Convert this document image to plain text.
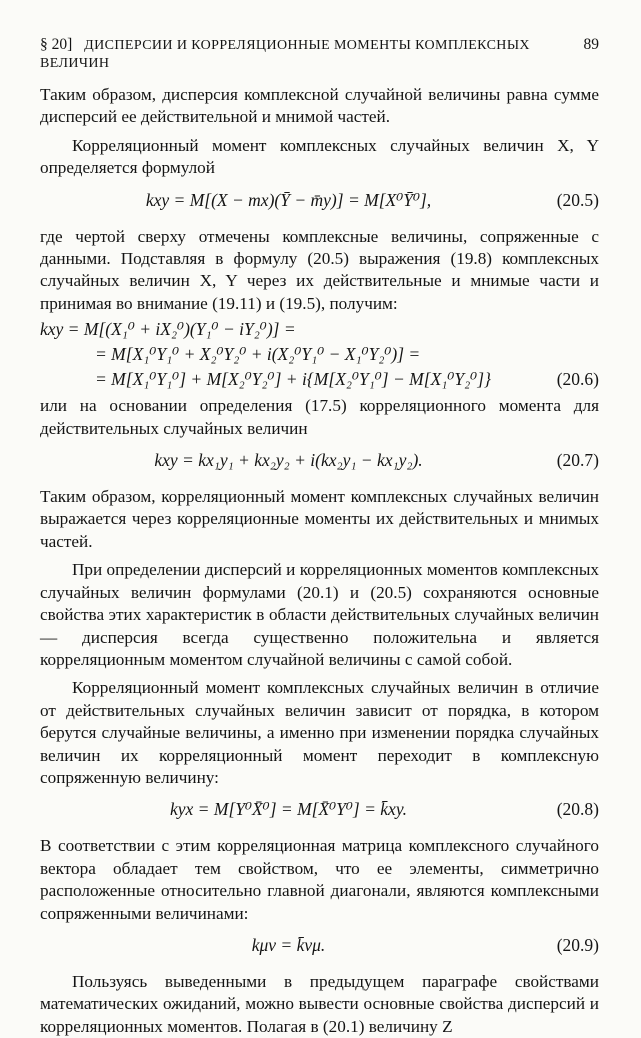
§ 20] ДИСПЕРСИИ И КОРРЕЛЯЦИОННЫЕ МОМЕНТЫ КОМПЛЕКСНЫХ ВЕЛИЧИН
89

Таким образом, дисперсия комплексной случайной величины равна сумме дисперсий ее действительной и мнимой частей.

Корреляционный момент комплексных случайных величин X, Y определяется формулой

kxy = M[(X − mx)(Ȳ − m̄y)] = M[X⁰Ȳ⁰],	(20.5)

где чертой сверху отмечены комплексные величины, сопряженные с данными. Подставляя в формулу (20.5) выражения (19.8) комплексных случайных величин X, Y через их действительные и мнимые части и принимая во внимание (19.11) и (19.5), получим:

kxy = M[(X₁⁰ + iX₂⁰)(Y₁⁰ − iY₂⁰)] =
= M[X₁⁰Y₁⁰ + X₂⁰Y₂⁰ + i(X₂⁰Y₁⁰ − X₁⁰Y₂⁰)] =
= M[X₁⁰Y₁⁰] + M[X₂⁰Y₂⁰] + i{M[X₂⁰Y₁⁰] − M[X₁⁰Y₂⁰]}	(20.6)

или на основании определения (17.5) корреляционного момента для действительных случайных величин

kxy = kx₁y₁ + kx₂y₂ + i(kx₂y₁ − kx₁y₂).	(20.7)

Таким образом, корреляционный момент комплексных случайных величин выражается через корреляционные моменты их действительных и мнимых частей.

При определении дисперсий и корреляционных моментов комплексных случайных величин формулами (20.1) и (20.5) сохраняются основные свойства этих характеристик в области действительных случайных величин — дисперсия всегда существенно положительна и является корреляционным моментом случайной величины с самой собой.

Корреляционный момент комплексных случайных величин в отличие от действительных случайных величин зависит от порядка, в котором берутся случайные величины, а именно при изменении порядка случайных величин их корреляционный момент переходит в комплексную сопряженную величину:

kyx = M[Y⁰X̄⁰] = M[X̄⁰Y⁰] = k̄xy.	(20.8)

В соответствии с этим корреляционная матрица комплексного случайного вектора обладает тем свойством, что ее элементы, симметрично расположенные относительно главной диагонали, являются комплексными сопряженными величинами:

kμν = k̄νμ.	(20.9)

Пользуясь выведенными в предыдущем параграфе свойствами математических ожиданий, можно вывести основные свойства дисперсий и корреляционных моментов. Полагая в (20.1) величину Z
